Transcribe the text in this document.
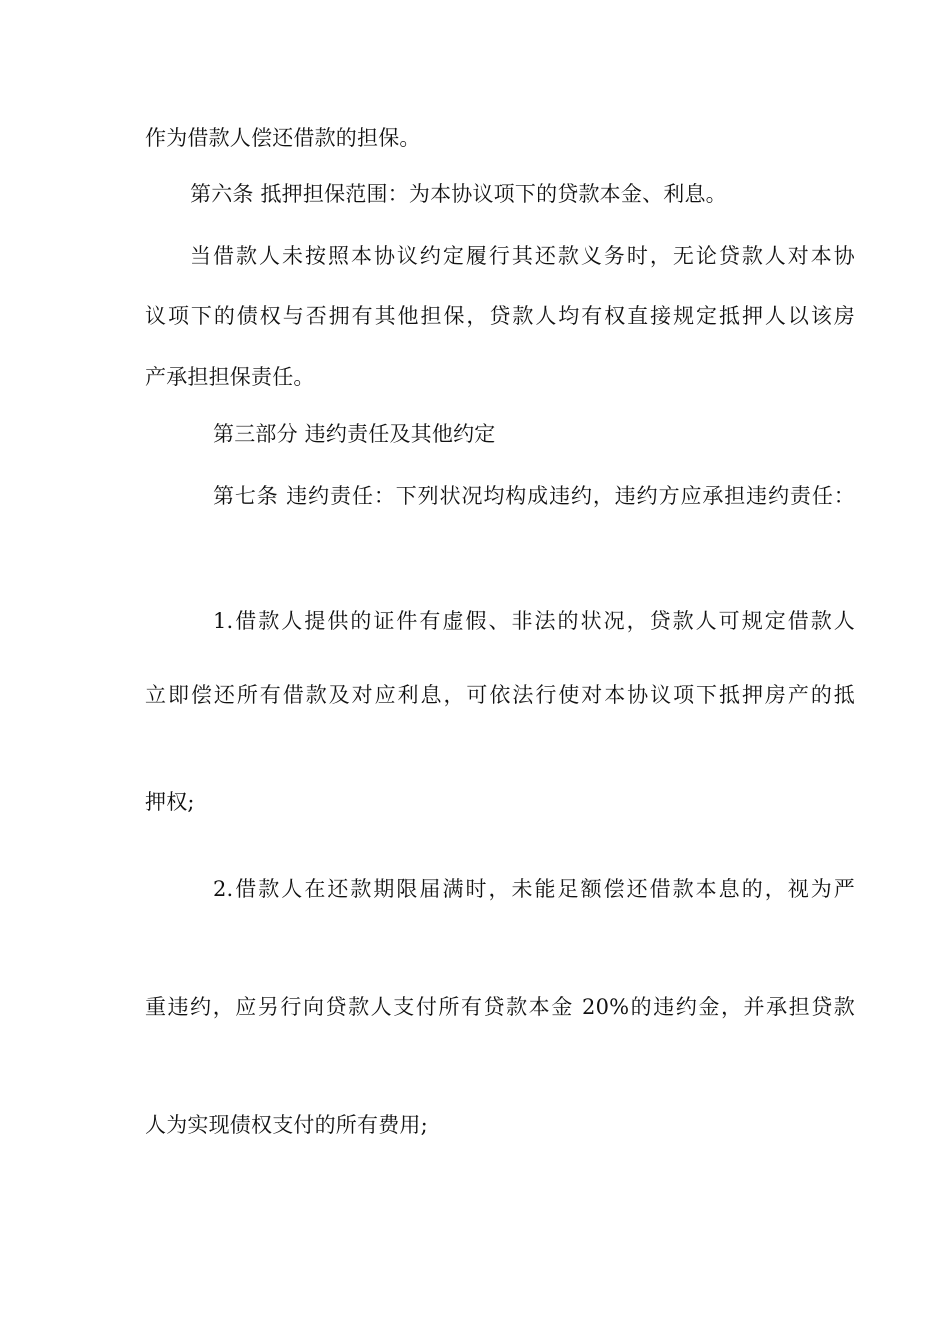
作为借款人偿还借款的担保。
第六条 抵押担保范围：为本协议项下的贷款本金、利息。
当借款人未按照本协议约定履行其还款义务时，无论贷款人对本协
议项下的债权与否拥有其他担保，贷款人均有权直接规定抵押人以该房
产承担担保责任。
第三部分 违约责任及其他约定
第七条 违约责任：下列状况均构成违约，违约方应承担违约责任：
1.借款人提供的证件有虚假、非法的状况，贷款人可规定借款人
立即偿还所有借款及对应利息，可依法行使对本协议项下抵押房产的抵
押权;
2.借款人在还款期限届满时，未能足额偿还借款本息的，视为严
重违约，应另行向贷款人支付所有贷款本金 20%的违约金，并承担贷款
人为实现债权支付的所有费用;
